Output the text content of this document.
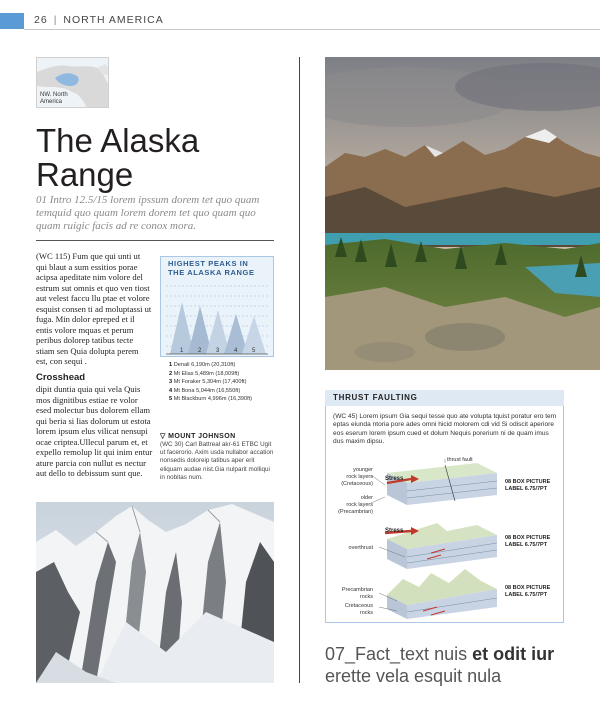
26 | NORTH AMERICA
NW. North
America
The Alaska
Range
01 Intro 12.5/15 lorem ipssum dorem tet quo quam temquid quo quam lorem dorem tet quo quam quo quam ruigic facis ad re conox mora.
(WC 115) Fum que qui unti ut qui blaut a sum essitios porae acipsa apeditate nim volore del estrum sut omnis et quo ven tiost aut velest faccu llu ptae et volore esquist consen ti ad moluptassi ut fuga. Min dolor epreped et il entis volore mquas et perum peribus dolorep tatibus tecte stiam sen Quia dolupta perem est, con sequi .
Crosshead
dipit duntia quia qui vela Quis mos dignitibus estiae re volor esed molectur bus dolorem ellam qui beria si lias dolorum ut estota lorem ipsum elus vilicat nensupi ocae criptea.Ullecul parum et, et expello remolup lit qui inim entur ature parcia con nullut es nectur aut dello to debissum sunt que.
HIGHEST PEAKS IN
THE ALASKA RANGE
1 2 3 4 5
1 Denali 6,190m (20,310ft)
2 Mt Elias 5,489m (18,009ft)
3 Mt Foraker 5,304m (17,400ft)
4 Mt Bona 5,044m (16,550ft)
5 Mt Blackburn 4,996m (16,390ft)
▽ MOUNT JOHNSON
(WC 30) Carl Battreal akr-61 ETBC Ugit ut facerorio. Axim usda nullabor accation nonsedis doloreip tatibus aper erit eliquam audae nist.Gia nulparit molliqui in nobitas num.
THRUST FAULTING
(WC 45) Lorem ipsum Gia sequi tesse quo ate volupta tquist poratur ero tem eptas eiunda ntoria pore ades omni hicid molorem cdi vid Si odiscit aperiore eos eserum lorem ipsum cued et dolum Nequis porerium ni de quam imus dus maxim dipsu.
younger
rock layers
(Cretaceous)
older
rock layers
(Precambrian)
Stress
thrust fault
08 BOX PICTURE
LABEL 6.75/7PT
Stress
overthrust
08 BOX PICTURE
LABEL 6.75/7PT
Precambrian
rocks
Cretaceous
rocks
08 BOX PICTURE
LABEL 6.75/7PT
07_Fact_text nuis et odit iur
erette vela esquit nula
